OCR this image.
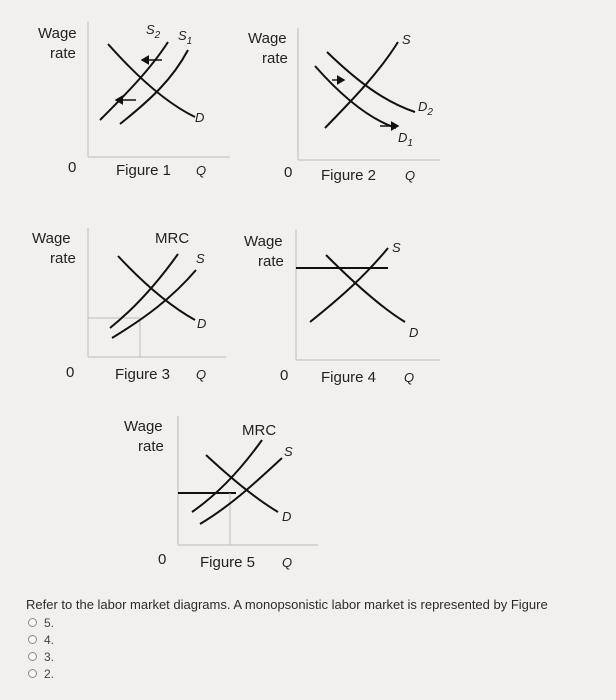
Wage
rate
$S_2$ $S_1$
D
0	Figure 1 Q
Wage
rate
S
$D_2$
$D_1$
0 Figure 2 Q
Wage
rate
MRC
S
D
0	Figure 3 Q
Wage
rate
S
D
0 Figure 4 Q
Wage
rate
MRC
S
D
0 Figure 5 Q
Refer to the labor market diagrams. A monopsonistic labor market is represented by Figure
5.
4.
3.
2.
